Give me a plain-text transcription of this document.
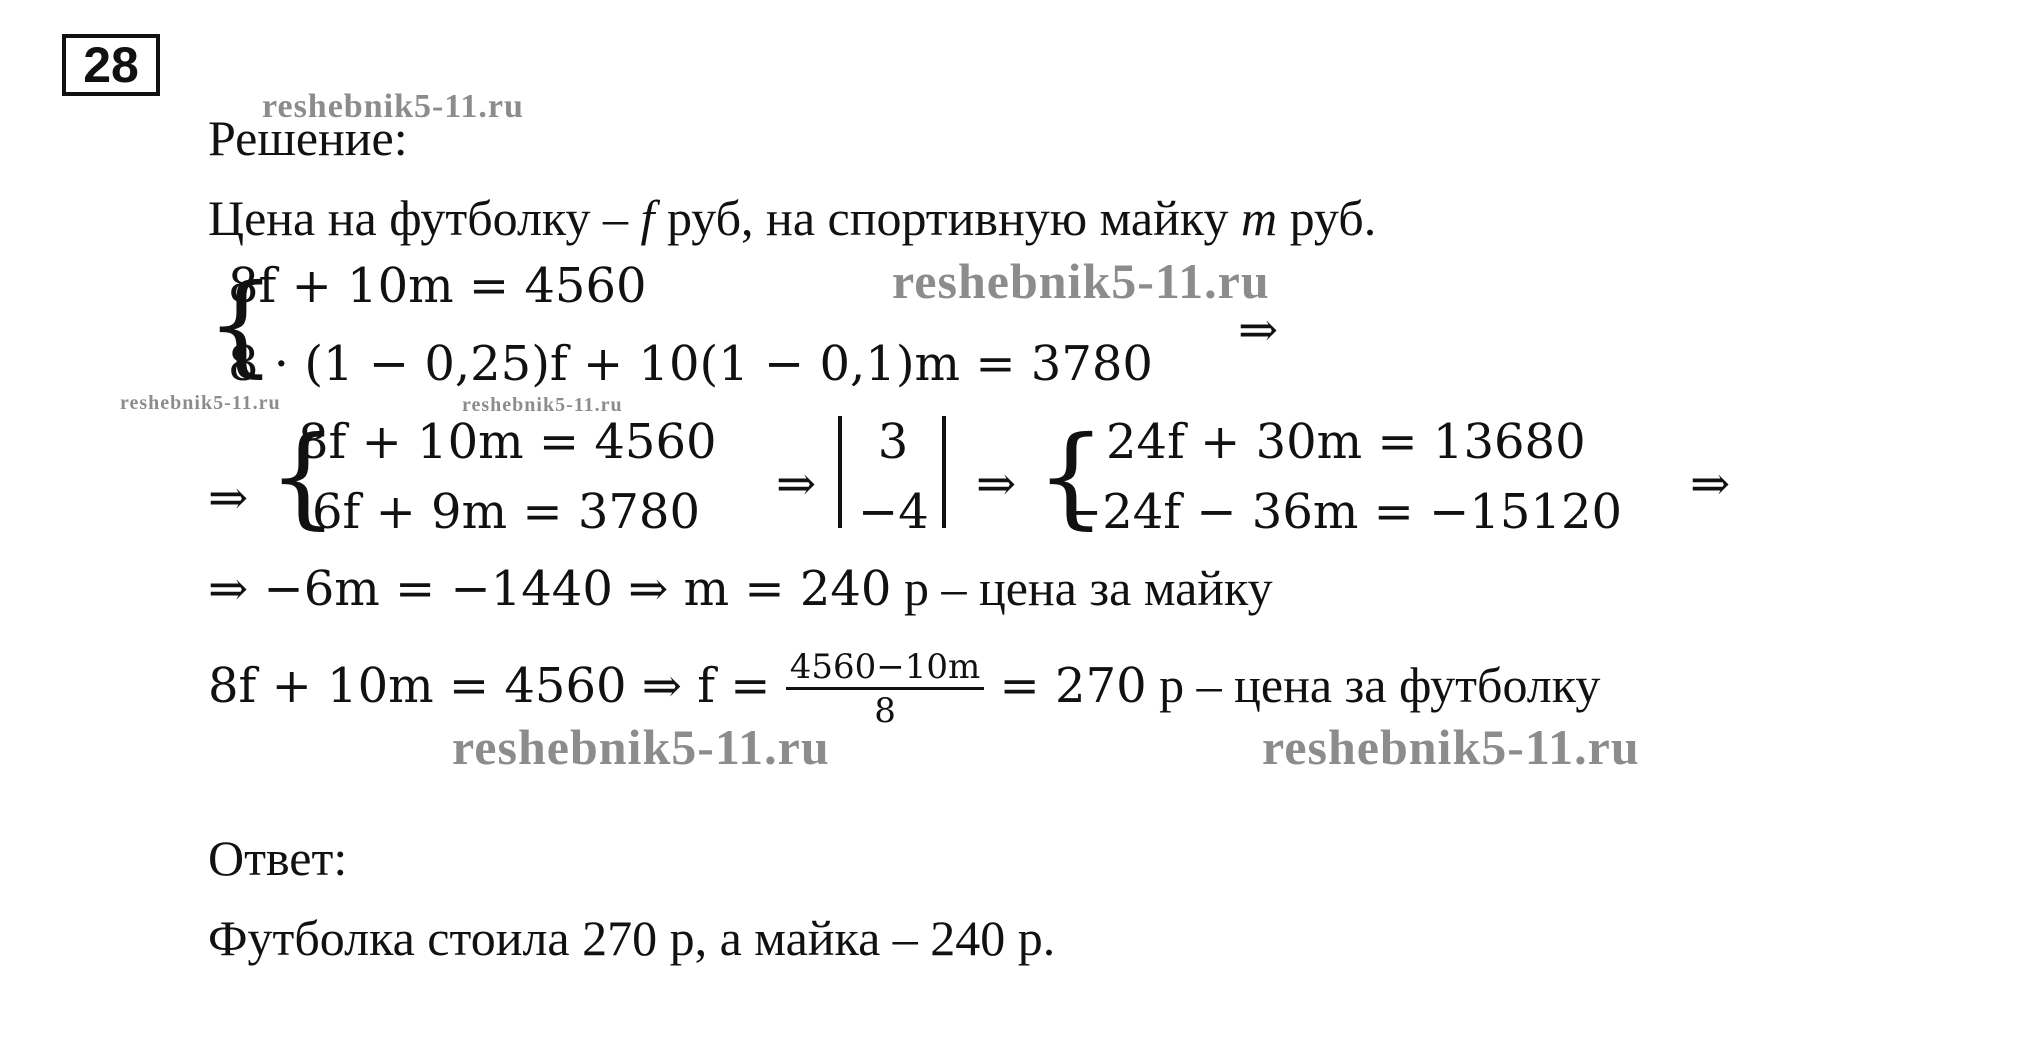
28
reshebnik5-11.ru
reshebnik5-11.ru
reshebnik5-11.ru	reshebnik5-11.ru
reshebnik5-11.ru	reshebnik5-11.ru
Решение:
Цена на футболку – f руб, на спортивную майку m руб.
{
8f + 10m = 4560
8 · (1 − 0,25)f + 10(1 − 0,1)m = 3780
⇒
⇒ {
8f + 10m = 4560
6f + 9m = 3780 ⇒
3
−4 ⇒ { 24f + 30m = 13680
−24f − 36m = −15120 ⇒
⇒ −6m = −1440 ⇒ m = 240 р – цена за майку
8f + 10m = 4560 ⇒ $f = \frac{4560-10m}{8} = 270$ р – цена за футболку
Ответ:
Футболка стоила 270 р, а майка – 240 р.
